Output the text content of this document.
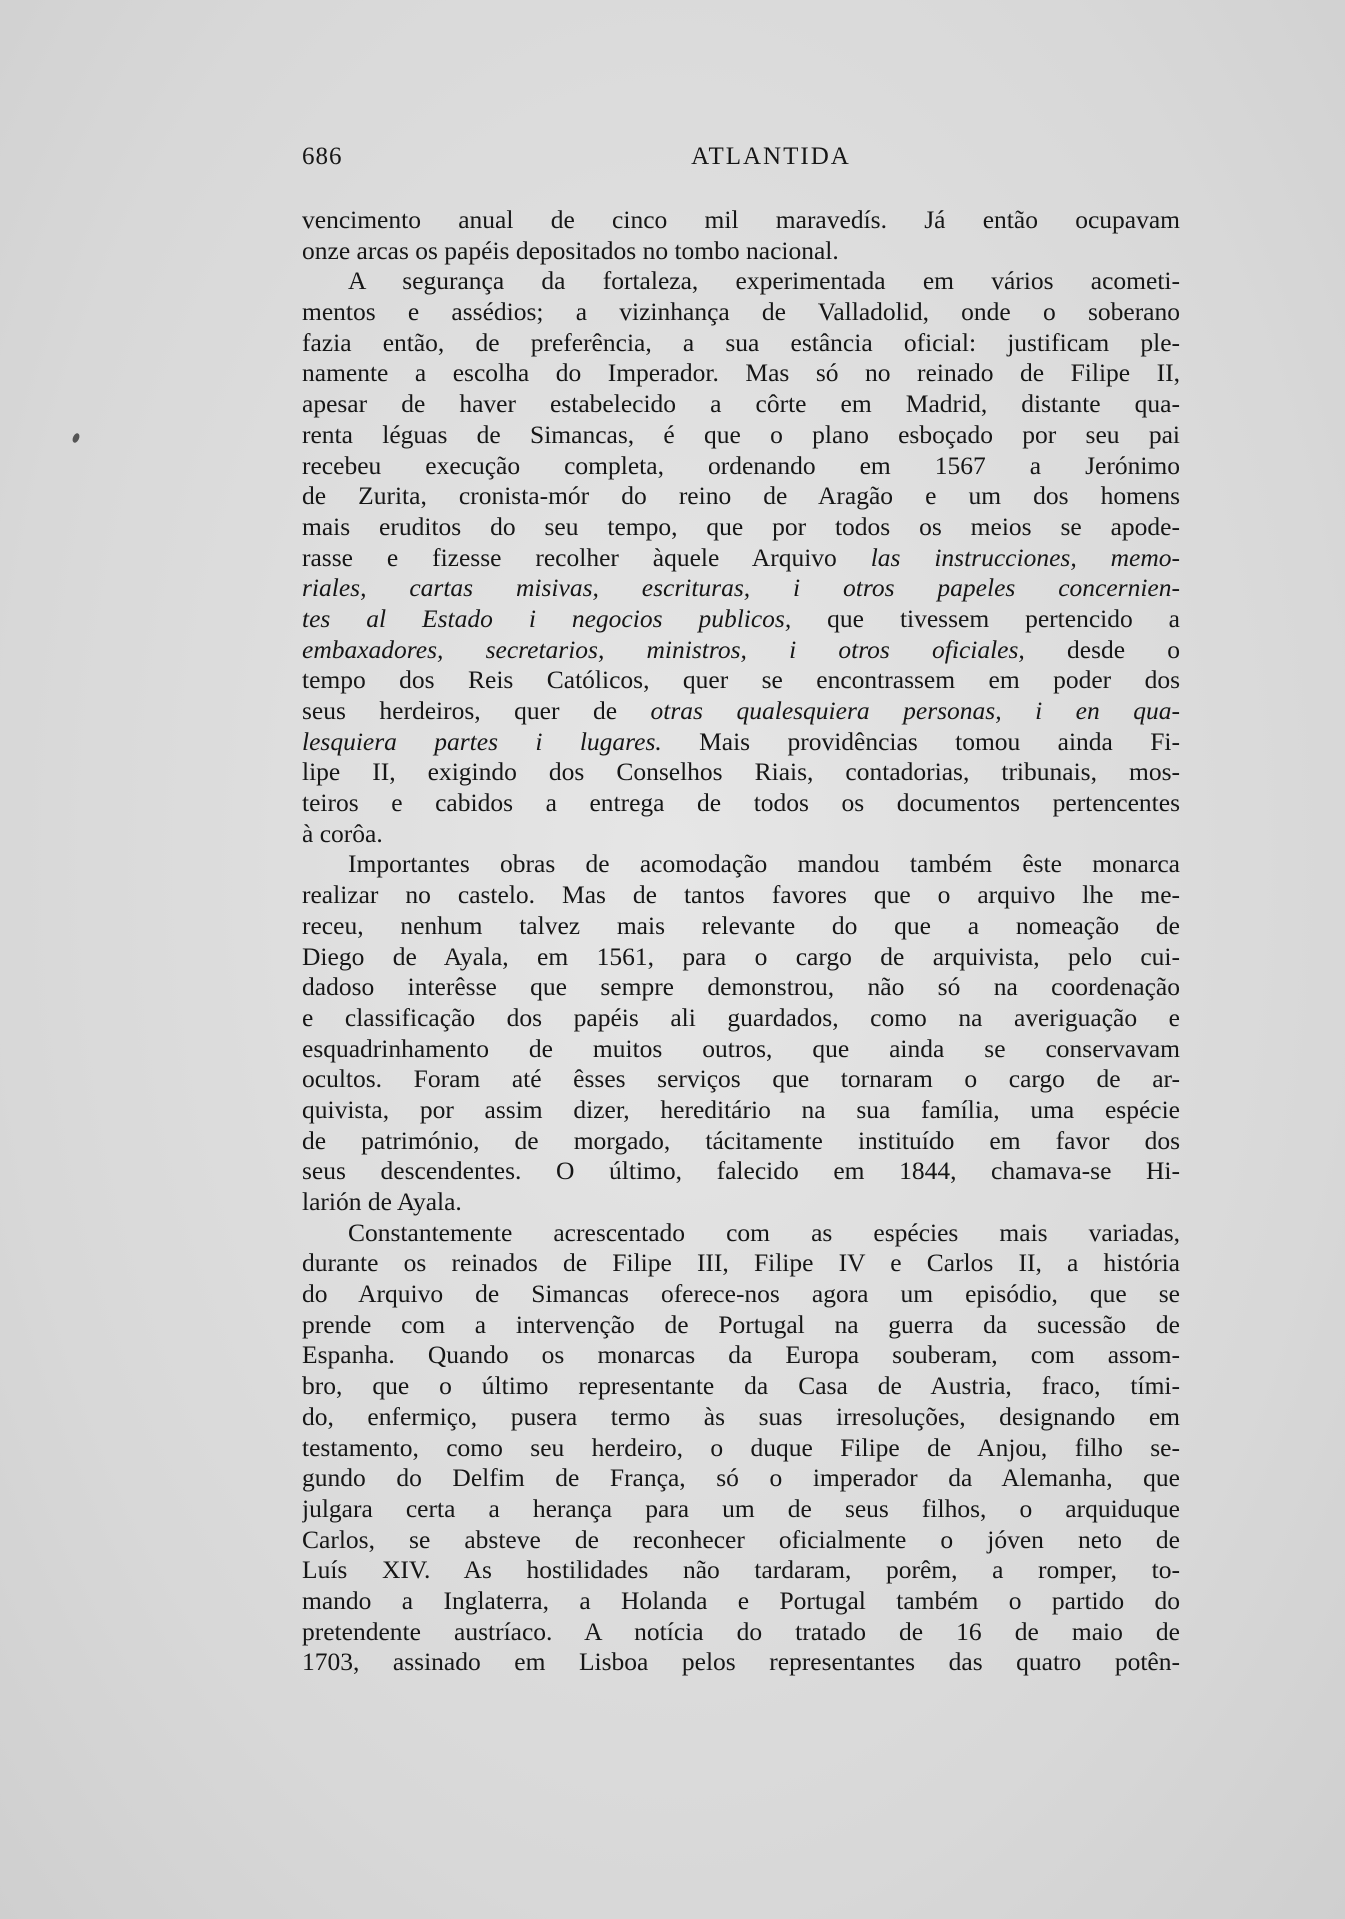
686	ATLANTIDA
vencimento anual de cinco mil maravedís. Já então ocupavam
onze arcas os papéis depositados no tombo nacional.
A segurança da fortaleza, experimentada em vários acometi-
mentos e assédios; a vizinhança de Valladolid, onde o soberano
fazia então, de preferência, a sua estância oficial: justificam ple-
namente a escolha do Imperador. Mas só no reinado de Filipe II,
apesar de haver estabelecido a côrte em Madrid, distante qua-
renta léguas de Simancas, é que o plano esboçado por seu pai
recebeu execução completa, ordenando em 1567 a Jerónimo
de Zurita, cronista-mór do reino de Aragão e um dos homens
mais eruditos do seu tempo, que por todos os meios se apode-
rasse e fizesse recolher àquele Arquivo las instrucciones, memo-
riales, cartas misivas, escrituras, i otros papeles concernien-
tes al Estado i negocios publicos, que tivessem pertencido a
embaxadores, secretarios, ministros, i otros oficiales, desde o
tempo dos Reis Católicos, quer se encontrassem em poder dos
seus herdeiros, quer de otras qualesquiera personas, i en qua-
lesquiera partes i lugares. Mais providências tomou ainda Fi-
lipe II, exigindo dos Conselhos Riais, contadorias, tribunais, mos-
teiros e cabidos a entrega de todos os documentos pertencentes
à corôa.
Importantes obras de acomodação mandou também êste monarca
realizar no castelo. Mas de tantos favores que o arquivo lhe me-
receu, nenhum talvez mais relevante do que a nomeação de
Diego de Ayala, em 1561, para o cargo de arquivista, pelo cui-
dadoso interêsse que sempre demonstrou, não só na coordenação
e classificação dos papéis ali guardados, como na averiguação e
esquadrinhamento de muitos outros, que ainda se conservavam
ocultos. Foram até êsses serviços que tornaram o cargo de ar-
quivista, por assim dizer, hereditário na sua família, uma espécie
de património, de morgado, tácitamente instituído em favor dos
seus descendentes. O último, falecido em 1844, chamava-se Hi-
larión de Ayala.
Constantemente acrescentado com as espécies mais variadas,
durante os reinados de Filipe III, Filipe IV e Carlos II, a história
do Arquivo de Simancas oferece-nos agora um episódio, que se
prende com a intervenção de Portugal na guerra da sucessão de
Espanha. Quando os monarcas da Europa souberam, com assom-
bro, que o último representante da Casa de Austria, fraco, tími-
do, enfermiço, pusera termo às suas irresoluções, designando em
testamento, como seu herdeiro, o duque Filipe de Anjou, filho se-
gundo do Delfim de França, só o imperador da Alemanha, que
julgara certa a herança para um de seus filhos, o arquiduque
Carlos, se absteve de reconhecer oficialmente o jóven neto de
Luís XIV. As hostilidades não tardaram, porêm, a romper, to-
mando a Inglaterra, a Holanda e Portugal também o partido do
pretendente austríaco. A notícia do tratado de 16 de maio de
1703, assinado em Lisboa pelos representantes das quatro potên-
